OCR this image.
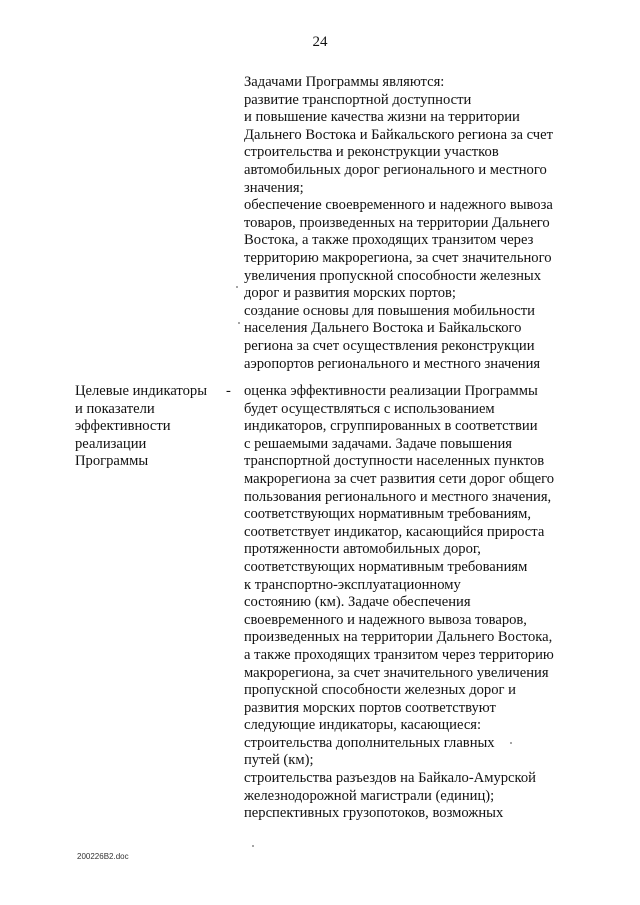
24
Задачами Программы являются:
развитие транспортной доступности
и повышение качества жизни на территории
Дальнего Востока и Байкальского региона за счет
строительства и реконструкции участков
автомобильных дорог регионального и местного
значения;
обеспечение своевременного и надежного вывоза
товаров, произведенных на территории Дальнего
Востока, а также проходящих транзитом через
территорию макрорегиона, за счет значительного
увеличения пропускной способности железных
дорог и развития морских портов;
создание основы для повышения мобильности
населения Дальнего Востока и Байкальского
региона за счет осуществления реконструкции
аэропортов регионального и местного значения
Целевые индикаторы
и показатели
эффективности
реализации
Программы
- оценка эффективности реализации Программы
будет осуществляться с использованием
индикаторов, сгруппированных в соответствии
с решаемыми задачами. Задаче повышения
транспортной доступности населенных пунктов
макрорегиона за счет развития сети дорог общего
пользования регионального и местного значения,
соответствующих нормативным требованиям,
соответствует индикатор, касающийся прироста
протяженности автомобильных дорог,
соответствующих нормативным требованиям
к транспортно-эксплуатационному
состоянию (км). Задаче обеспечения
своевременного и надежного вывоза товаров,
произведенных на территории Дальнего Востока,
а также проходящих транзитом через территорию
макрорегиона, за счет значительного увеличения
пропускной способности железных дорог и
развития морских портов соответствуют
следующие индикаторы, касающиеся:
строительства дополнительных главных
путей (км);
строительства разъездов на Байкало-Амурской
железнодорожной магистрали (единиц);
перспективных грузопотоков, возможных
200226B2.doc
